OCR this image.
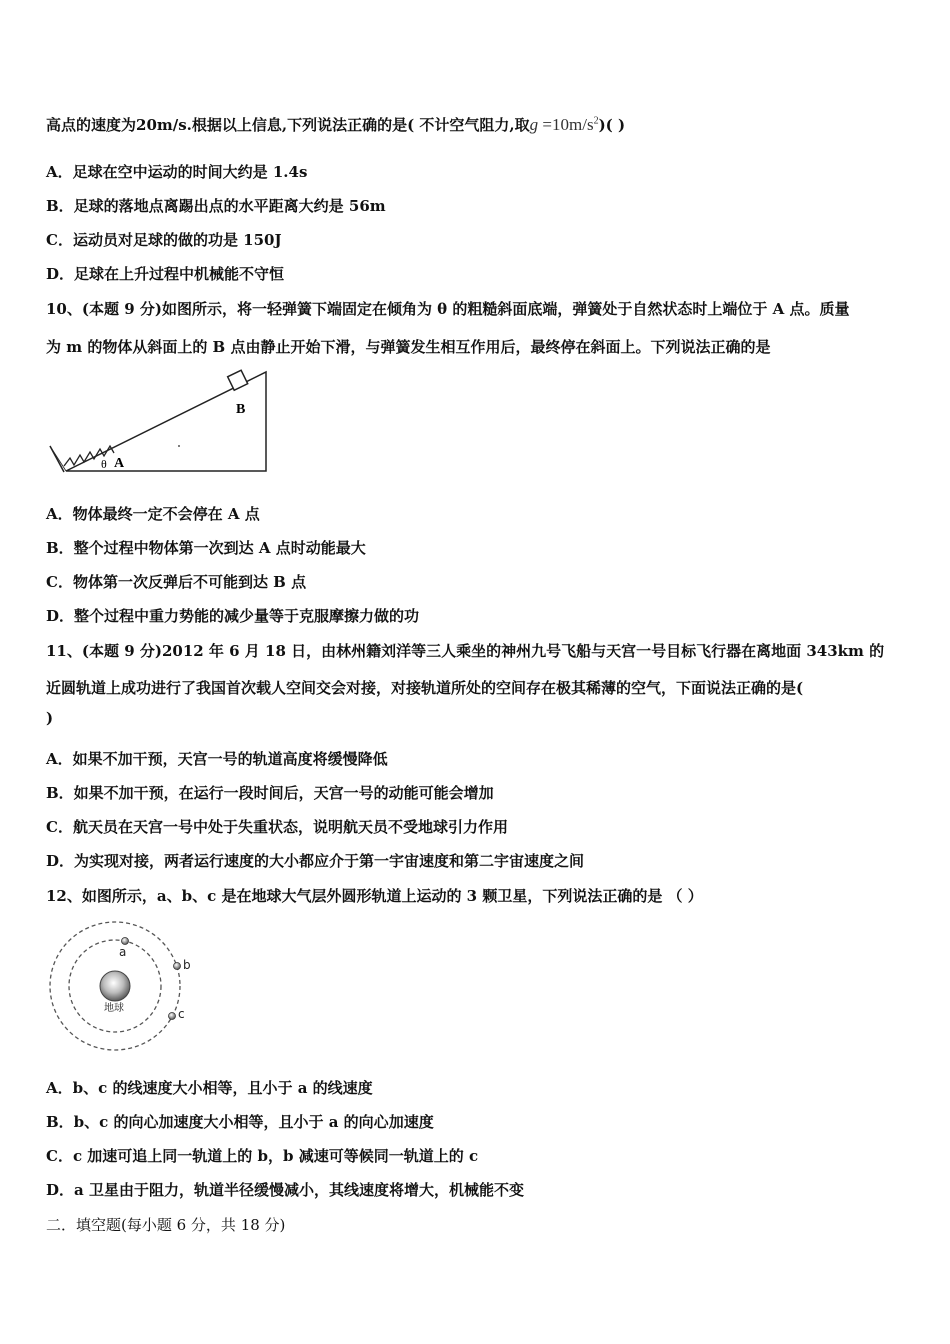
高点的速度为20m/s.根据以上信息,下列说法正确的是( 不计空气阻力,取$g =10m/s^2$)( )
A．足球在空中运动的时间大约是 1.4s
B．足球的落地点离踢出点的水平距离大约是 56m
C．运动员对足球的做的功是 150J
D．足球在上升过程中机械能不守恒
10、(本题 9 分)如图所示，将一轻弹簧下端固定在倾角为 θ 的粗糙斜面底端，弹簧处于自然状态时上端位于 A 点。质量
为 m 的物体从斜面上的 B 点由静止开始下滑，与弹簧发生相互作用后，最终停在斜面上。下列说法正确的是
B
θ A
A．物体最终一定不会停在 A 点
B．整个过程中物体第一次到达 A 点时动能最大
C．物体第一次反弹后不可能到达 B 点
D．整个过程中重力势能的减少量等于克服摩擦力做的功
11、(本题 9 分)2012 年 6 月 18 日，由林州籍刘洋等三人乘坐的神州九号飞船与天宫一号目标飞行器在离地面 343km 的
近圆轨道上成功进行了我国首次载人空间交会对接，对接轨道所处的空间存在极其稀薄的空气，下面说法正确的是(
)
A．如果不加干预，天宫一号的轨道高度将缓慢降低
B．如果不加干预，在运行一段时间后，天宫一号的动能可能会增加
C．航天员在天宫一号中处于失重状态，说明航天员不受地球引力作用
D．为实现对接，两者运行速度的大小都应介于第一宇宙速度和第二宇宙速度之间
12、如图所示，a、b、c 是在地球大气层外圆形轨道上运动的 3 颗卫星，下列说法正确的是 （ ）
地球
a
b
c
A．b、c 的线速度大小相等，且小于 a 的线速度
B．b、c 的向心加速度大小相等，且小于 a 的向心加速度
C．c 加速可追上同一轨道上的 b，b 减速可等候同一轨道上的 c
D．a 卫星由于阻力，轨道半径缓慢减小，其线速度将增大，机械能不变
二．填空题(每小题 6 分，共 18 分)
